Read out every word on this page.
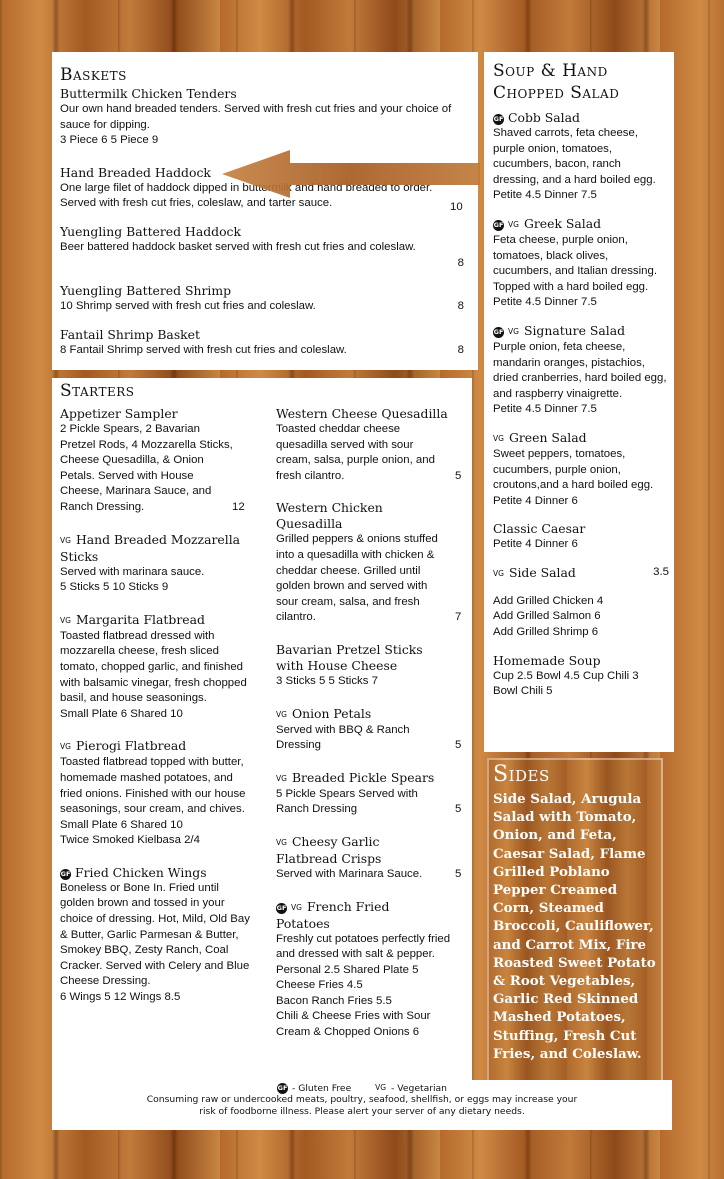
Baskets
Buttermilk Chicken Tenders
Our own hand breaded tenders. Served with fresh cut fries and your choice of sauce for dipping.
3 Piece 6 5 Piece 9
Hand Breaded Haddock
One large filet of haddock dipped in buttermilk and hand breaded to order. Served with fresh cut fries, coleslaw, and tarter sauce.	10
Yuengling Battered Haddock
Beer battered haddock basket served with fresh cut fries and coleslaw.
8
Yuengling Battered Shrimp
10 Shrimp served with fresh cut fries and coleslaw.	8
Fantail Shrimp Basket
8 Fantail Shrimp served with fresh cut fries and coleslaw.	8
Starters
Appetizer Sampler
2 Pickle Spears, 2 Bavarian Pretzel Rods, 4 Mozzarella Sticks, Cheese Quesadilla, & Onion Petals. Served with House Cheese, Marinara Sauce, and Ranch Dressing.	12
VG Hand Breaded Mozzarella Sticks
Served with marinara sauce.
5 Sticks 5 10 Sticks 9
VG Margarita Flatbread
Toasted flatbread dressed with mozzarella cheese, fresh sliced tomato, chopped garlic, and finished with balsamic vinegar, fresh chopped basil, and house seasonings.
Small Plate 6 Shared 10
VG Pierogi Flatbread
Toasted flatbread topped with butter, homemade mashed potatoes, and fried onions. Finished with our house seasonings, sour cream, and chives.
Small Plate 6 Shared 10
Twice Smoked Kielbasa 2/4
GF Fried Chicken Wings
Boneless or Bone In. Fried until golden brown and tossed in your choice of dressing. Hot, Mild, Old Bay & Butter, Garlic Parmesan & Butter, Smokey BBQ, Zesty Ranch, Coal Cracker. Served with Celery and Blue Cheese Dressing.
6 Wings 5 12 Wings 8.5
Western Cheese Quesadilla
Toasted cheddar cheese quesadilla served with sour cream, salsa, purple onion, and fresh cilantro.	5
Western Chicken Quesadilla
Grilled peppers & onions stuffed into a quesadilla with chicken & cheddar cheese. Grilled until golden brown and served with sour cream, salsa, and fresh cilantro.	7
Bavarian Pretzel Sticks with House Cheese
3 Sticks 5 5 Sticks 7
VG Onion Petals
Served with BBQ & Ranch Dressing	5
VG Breaded Pickle Spears
5 Pickle Spears Served with Ranch Dressing	5
VG Cheesy Garlic Flatbread Crisps
Served with Marinara Sauce.	5
GF VG French Fried Potatoes
Freshly cut potatoes perfectly fried and dressed with salt & pepper.
Personal 2.5 Shared Plate 5
Cheese Fries 4.5
Bacon Ranch Fries 5.5
Chili & Cheese Fries with Sour Cream & Chopped Onions 6
Soup & Hand Chopped Salad
GF Cobb Salad
Shaved carrots, feta cheese, purple onion, tomatoes, cucumbers, bacon, ranch dressing, and a hard boiled egg.
Petite 4.5 Dinner 7.5
GF VG Greek Salad
Feta cheese, purple onion, tomatoes, black olives, cucumbers, and Italian dressing. Topped with a hard boiled egg.
Petite 4.5 Dinner 7.5
GF VG Signature Salad
Purple onion, feta cheese, mandarin oranges, pistachios, dried cranberries, hard boiled egg, and raspberry vinaigrette.
Petite 4.5 Dinner 7.5
VG Green Salad
Sweet peppers, tomatoes, cucumbers, purple onion, croutons,and a hard boiled egg.
Petite 4 Dinner 6
Classic Caesar
Petite 4 Dinner 6
VG Side Salad	3.5
Add Grilled Chicken 4
Add Grilled Salmon 6
Add Grilled Shrimp 6
Homemade Soup
Cup 2.5 Bowl 4.5 Cup Chili 3
Bowl Chili 5
Sides
Side Salad, Arugula Salad with Tomato, Onion, and Feta, Caesar Salad, Flame Grilled Poblano Pepper Creamed Corn, Steamed Broccoli, Cauliflower, and Carrot Mix, Fire Roasted Sweet Potato & Root Vegetables, Garlic Red Skinned Mashed Potatoes, Stuffing, Fresh Cut Fries, and Coleslaw.
GF - Gluten Free	VG - Vegetarian
Consuming raw or undercooked meats, poultry, seafood, shellfish, or eggs may increase your
risk of foodborne illness. Please alert your server of any dietary needs.
